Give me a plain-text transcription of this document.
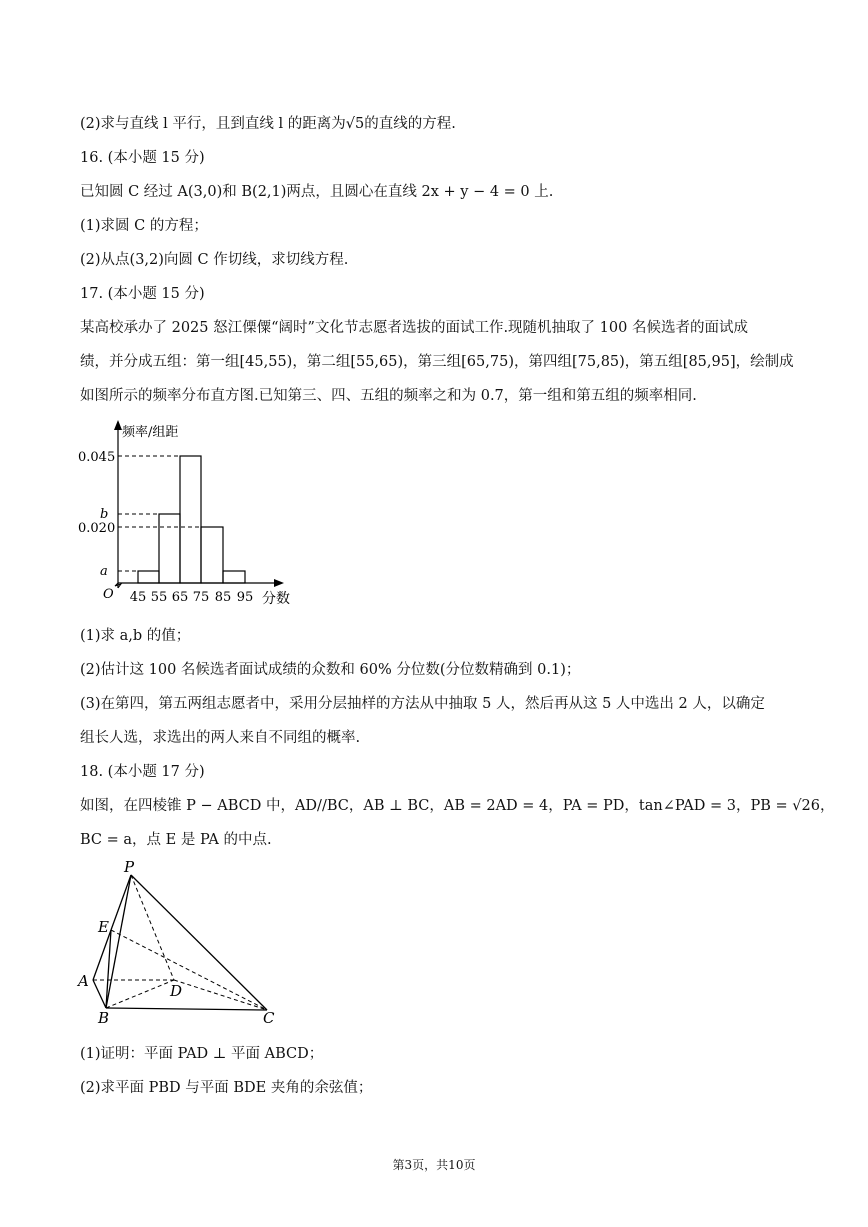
(2)求与直线 l 平行，且到直线 l 的距离为√5的直线的方程.
16. (本小题 15 分)
已知圆 C 经过 A(3,0)和 B(2,1)两点，且圆心在直线 2x + y − 4 = 0 上.
(1)求圆 C 的方程；
(2)从点(3,2)向圆 C 作切线，求切线方程.
17. (本小题 15 分)
某高校承办了 2025 怒江傈僳“阔时”文化节志愿者选拔的面试工作.现随机抽取了 100 名候选者的面试成
绩，并分成五组：第一组[45,55)，第二组[55,65)，第三组[65,75)，第四组[75,85)，第五组[85,95]，绘制成
如图所示的频率分布直方图.已知第三、四、五组的频率之和为 0.7，第一组和第五组的频率相同.
a
0.020
b
0.045
频率/组距
O 45 55 65 75 85 95 分数
(1)求 a,b 的值；
(2)估计这 100 名候选者面试成绩的众数和 60% 分位数(分位数精确到 0.1)；
(3)在第四，第五两组志愿者中，采用分层抽样的方法从中抽取 5 人，然后再从这 5 人中选出 2 人，以确定
组长人选，求选出的两人来自不同组的概率.
18. (本小题 17 分)
如图，在四棱锥 P − ABCD 中，AD//BC，AB ⊥ BC，AB = 2AD = 4，PA = PD，tan∠PAD = 3，PB = √26，
BC = a，点 E 是 PA 的中点.
P
E
A
D
B	C
(1)证明：平面 PAD ⊥ 平面 ABCD；
(2)求平面 PBD 与平面 BDE 夹角的余弦值；
第3页，共10页
